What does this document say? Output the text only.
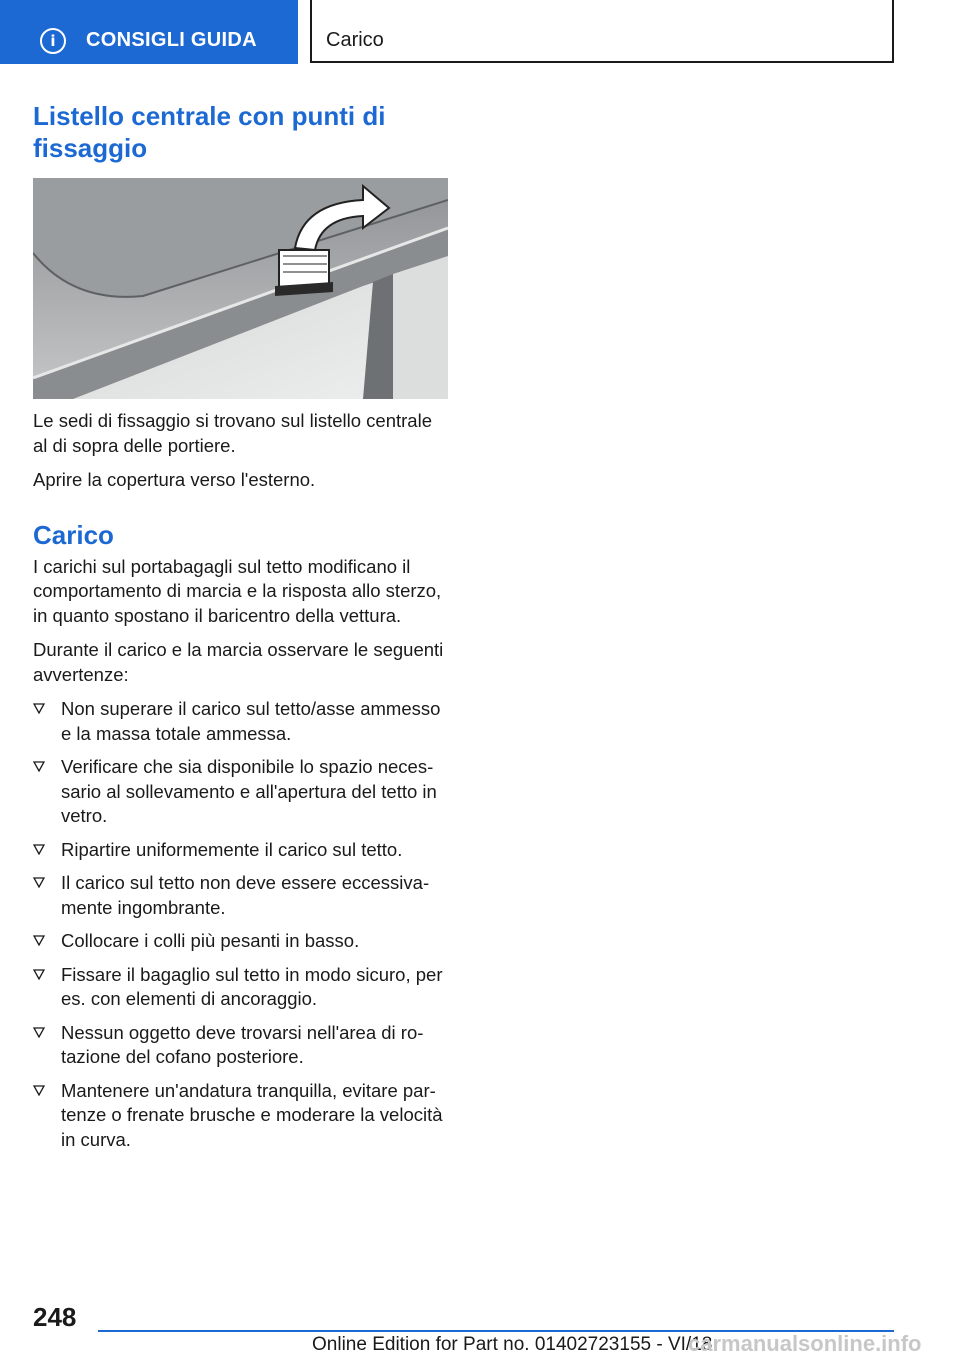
i	CONSIGLI GUIDA	Carico
Listello centrale con punti di fissaggio

Le sedi di fissaggio si trovano sul listello centrale al di sopra delle portiere.

Aprire la copertura verso l'esterno.

Carico

I carichi sul portabagagli sul tetto modificano il comportamento di marcia e la risposta allo sterzo, in quanto spostano il baricentro della vettura.

Durante il carico e la marcia osservare le seguenti avvertenze:

Non superare il carico sul tetto/asse ammesso e la massa totale ammessa.
Verificare che sia disponibile lo spazio necessario al sollevamento e all'apertura del tetto in vetro.
Ripartire uniformemente il carico sul tetto.
Il carico sul tetto non deve essere eccessivamente ingombrante.
Collocare i colli più pesanti in basso.
Fissare il bagaglio sul tetto in modo sicuro, per es. con elementi di ancoraggio.
Nessun oggetto deve trovarsi nell'area di rotazione del cofano posteriore.
Mantenere un'andatura tranquilla, evitare partenze o frenate brusche e moderare la velocità in curva.
248
Online Edition for Part no. 01402723155 - VI/18
carmanualsonline.info
